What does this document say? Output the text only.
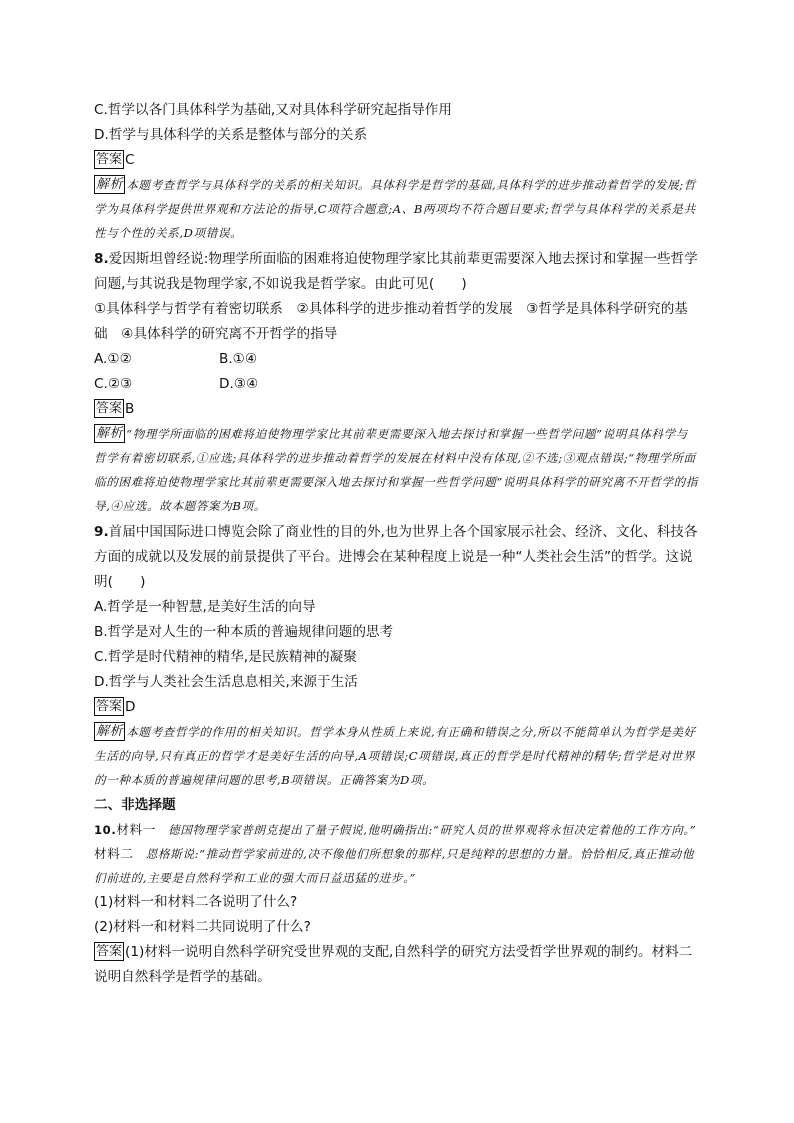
C.哲学以各门具体科学为基础,又对具体科学研究起指导作用
D.哲学与具体科学的关系是整体与部分的关系
答案 C
解析 本题考查哲学与具体科学的关系的相关知识。具体科学是哲学的基础,具体科学的进步推动着哲学的发展;哲学为具体科学提供世界观和方法论的指导,C项符合题意;A、B两项均不符合题目要求;哲学与具体科学的关系是共性与个性的关系,D项错误。
8.爱因斯坦曾经说:物理学所面临的困难将迫使物理学家比其前辈更需要深入地去探讨和掌握一些哲学问题,与其说我是物理学家,不如说我是哲学家。由此可见(　　)
①具体科学与哲学有着密切联系　②具体科学的进步推动着哲学的发展　③哲学是具体科学研究的基础　④具体科学的研究离不开哲学的指导
A.①②	B.①④
C.②③	D.③④
答案 B
解析 “物理学所面临的困难将迫使物理学家比其前辈更需要深入地去探讨和掌握一些哲学问题”说明具体科学与哲学有着密切联系,①应选;具体科学的进步推动着哲学的发展在材料中没有体现,②不选;③观点错误;“物理学所面临的困难将迫使物理学家比其前辈更需要深入地去探讨和掌握一些哲学问题”说明具体科学的研究离不开哲学的指导,④应选。故本题答案为B项。
9.首届中国国际进口博览会除了商业性的目的外,也为世界上各个国家展示社会、经济、文化、科技各方面的成就以及发展的前景提供了平台。进博会在某种程度上说是一种“人类社会生活”的哲学。这说明(　　)
A.哲学是一种智慧,是美好生活的向导
B.哲学是对人生的一种本质的普遍规律问题的思考
C.哲学是时代精神的精华,是民族精神的凝聚
D.哲学与人类社会生活息息相关,来源于生活
答案 D
解析 本题考查哲学的作用的相关知识。哲学本身从性质上来说,有正确和错误之分,所以不能简单认为哲学是美好生活的向导,只有真正的哲学才是美好生活的向导,A项错误;C项错误,真正的哲学是时代精神的精华;哲学是对世界的一种本质的普遍规律问题的思考,B项错误。正确答案为D项。
二、非选择题
10.材料一　 德国物理学家普朗克提出了量子假说,他明确指出:“研究人员的世界观将永恒决定着他的工作方向。”
材料二　 恩格斯说:“推动哲学家前进的,决不像他们所想象的那样,只是纯粹的思想的力量。恰恰相反,真正推动他们前进的,主要是自然科学和工业的强大而日益迅猛的进步。”
(1)材料一和材料二各说明了什么?
(2)材料一和材料二共同说明了什么?
答案 (1)材料一说明自然科学研究受世界观的支配,自然科学的研究方法受哲学世界观的制约。材料二说明自然科学是哲学的基础。
